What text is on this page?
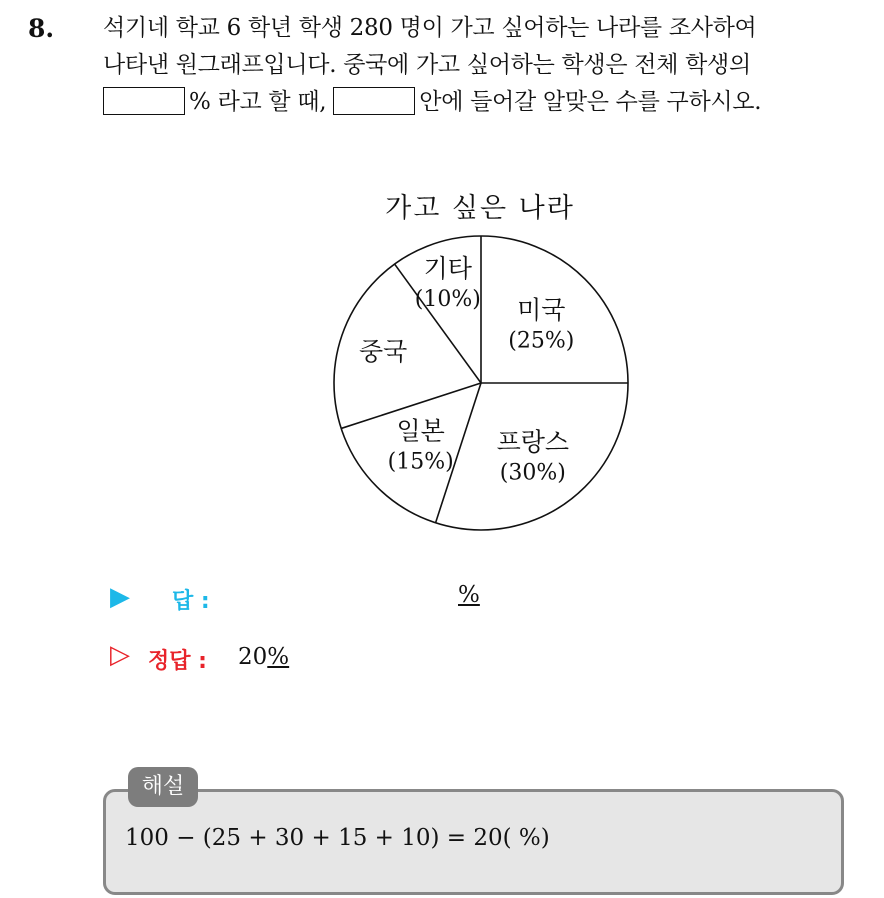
8. 석기네 학교 6 학년 학생 280 명이 가고 싶어하는 나라를 조사하여
나타낸 원그래프입니다. 중국에 가고 싶어하는 학생은 전체 학생의
% 라고 할 때,	안에 들어갈 알맞은 수를 구하시오.
가고 싶은 나라
미국
(25%)
프랑스
(30%)
일본
(15%)
중국
기타
(10%)
▶ 답 :	%
▷ 정답 : 20%
해설
100 − (25 + 30 + 15 + 10) = 20( %)
